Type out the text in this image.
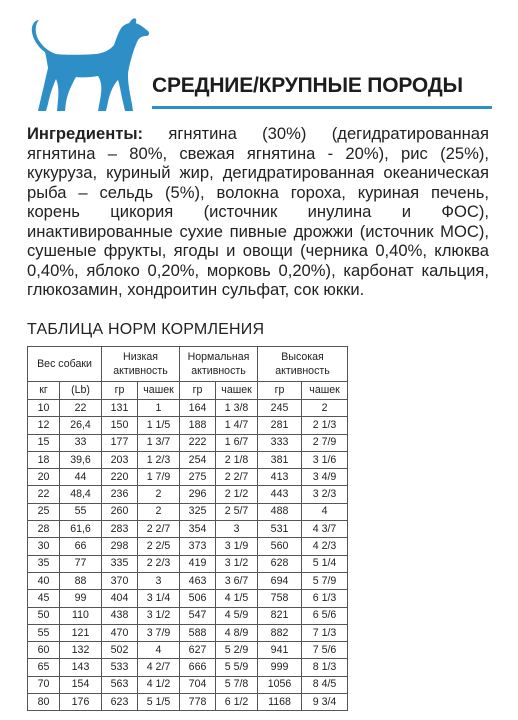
СРЕДНИЕ/КРУПНЫЕ ПОРОДЫ
Ингредиенты: ягнятина (30%) (дегидратированная ягнятина – 80%, свежая ягнятина - 20%), рис (25%), кукуруза, куриный жир, дегидратированная океаническая рыба – сельдь (5%), волокна гороха, куриная печень, корень цикория (источник инулина и ФОС), инактивированные сухие пивные дрожжи (источник МОС), сушеные фрукты, ягоды и овощи (черника 0,40%, клюква 0,40%, яблоко 0,20%, морковь 0,20%), карбонат кальция, глюкозамин, хондроитин сульфат, сок юкки.
ТАБЛИЦА НОРМ КОРМЛЕНИЯ
Вес собаки		Низкая активность		Нормальная активность		Высокая активность	
кг	(Lb)	гр	чашек	гр	чашек	гр	чашек
10	22	131	1	164	1 3/8	245	2
12	26,4	150	1 1/5	188	1 4/7	281	2 1/3
15	33	177	1 3/7	222	1 6/7	333	2 7/9
18	39,6	203	1 2/3	254	2 1/8	381	3 1/6
20	44	220	1 7/9	275	2 2/7	413	3 4/9
22	48,4	236	2	296	2 1/2	443	3 2/3
25	55	260	2	325	2 5/7	488	4
28	61,6	283	2 2/7	354	3	531	4 3/7
30	66	298	2 2/5	373	3 1/9	560	4 2/3
35	77	335	2 2/3	419	3 1/2	628	5 1/4
40	88	370	3	463	3 6/7	694	5 7/9
45	99	404	3 1/4	506	4 1/5	758	6 1/3
50	110	438	3 1/2	547	4 5/9	821	6 5/6
55	121	470	3 7/9	588	4 8/9	882	7 1/3
60	132	502	4	627	5 2/9	941	7 5/6
65	143	533	4 2/7	666	5 5/9	999	8 1/3
70	154	563	4 1/2	704	5 7/8	1056	8 4/5
80	176	623	5 1/5	778	6 1/2	1168	9 3/4
